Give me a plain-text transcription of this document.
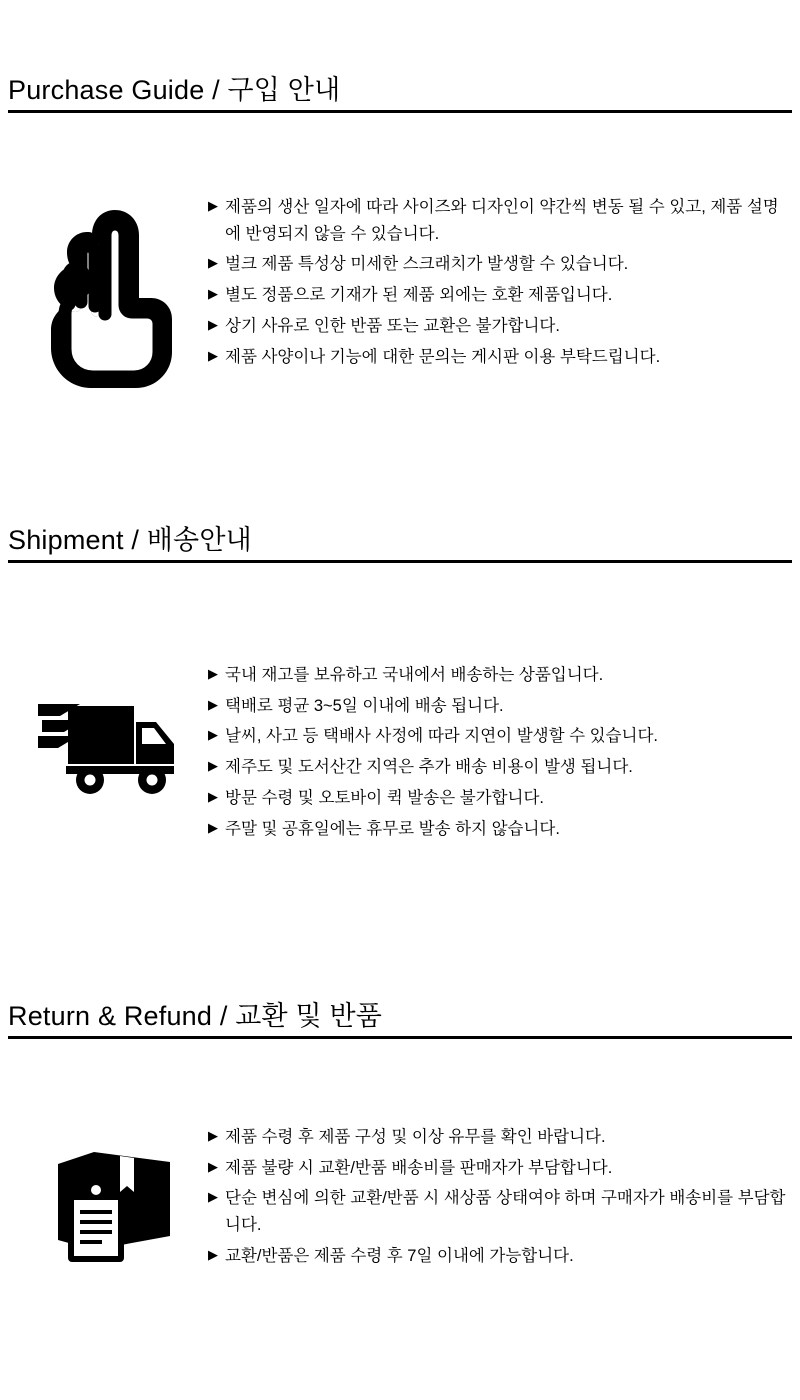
Purchase Guide / 구입 안내
▶ 제품의 생산 일자에 따라 사이즈와 디자인이 약간씩 변동 될 수 있고, 제품 설명에 반영되지 않을 수 있습니다.
▶ 벌크 제품 특성상 미세한 스크래치가 발생할 수 있습니다.
▶ 별도 정품으로 기재가 된 제품 외에는 호환 제품입니다.
▶ 상기 사유로 인한 반품 또는 교환은 불가합니다.
▶ 제품 사양이나 기능에 대한 문의는 게시판 이용 부탁드립니다.
Shipment / 배송안내
▶ 국내 재고를 보유하고 국내에서 배송하는 상품입니다.
▶ 택배로 평균 3~5일 이내에 배송 됩니다.
▶ 날씨, 사고 등 택배사 사정에 따라 지연이 발생할 수 있습니다.
▶ 제주도 및 도서산간 지역은 추가 배송 비용이 발생 됩니다.
▶ 방문 수령 및 오토바이 퀵 발송은 불가합니다.
▶ 주말 및 공휴일에는 휴무로 발송 하지 않습니다.
Return & Refund / 교환 및 반품
▶ 제품 수령 후 제품 구성 및 이상 유무를 확인 바랍니다.
▶ 제품 불량 시 교환/반품 배송비를 판매자가 부담합니다.
▶ 단순 변심에 의한 교환/반품 시 새상품 상태여야 하며 구매자가 배송비를 부담합니다.
▶ 교환/반품은 제품 수령 후 7일 이내에 가능합니다.
